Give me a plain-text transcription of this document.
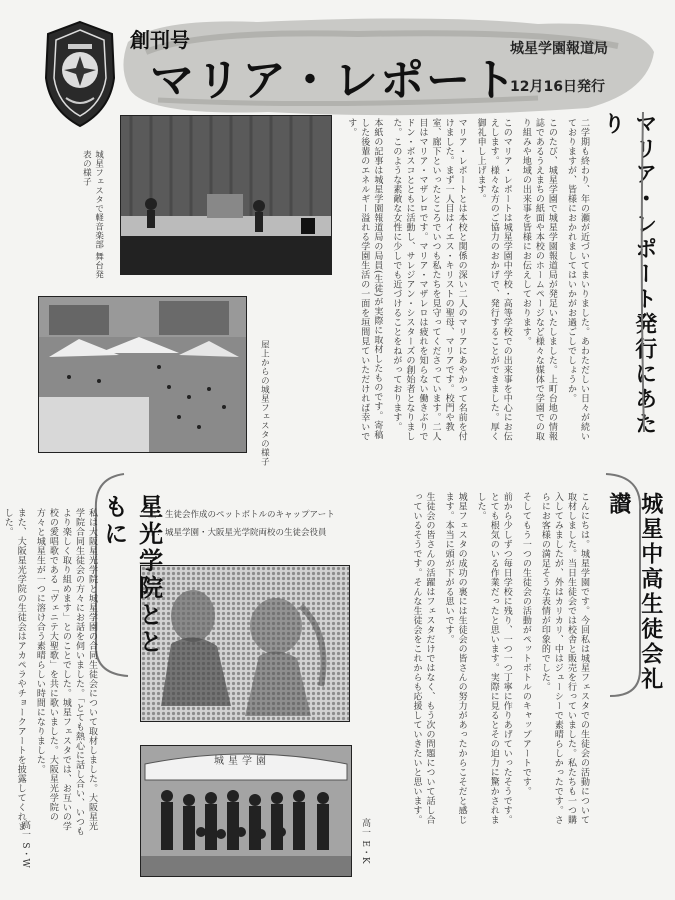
創刊号
マリア・レポート
城星学園報道局
12月16日発行
城星フェスタで軽音楽部 舞台発表の様子
屋上からの城星フェスタの様子	マリア・レポート発行にあたり

二学期も終わり、年の瀬が近づいてまいりました。あわただしい日々が続いておりますが、皆様におかれましてはいかがお過ごしでしょうか。

このたび、城星学園で城星学園報道局が発足いたしました。上町台地の情報誌であるうえまちの紙面や本校のホームページなど様々な媒体で学園での取り組みや地域の出来事を皆様にお伝えしております。

このマリア・レポートは城星学園中学校・高等学校での出来事を中心にお伝えします。様々な方のご協力のおかげで、発行することができました。厚く御礼申し上げます。

マリア・レポートとは本校と関係の深い二人のマリアにあやかって名前を付けました。まず一人目はイエス・キリストの聖母、マリアです。校門や教室、廊下といったところでいつも私たちを見守ってくださっています。二人目はマリア・マザレロです。マリア・マザレロは疲れを知らない働きぶりでドン・ボスコとともに活動し、サレジアン・シスターズの創始者となりました。このような素敵な女性に少しでも近づけることをねがっております。

本紙の記事は城星学園報道局の局員(生徒)が実際に取材したものです。寄稿した後輩のエネルギー溢れる学園生活の一面を垣間見ていただければ幸いです。

城星中高生徒会礼讃

こんにちは。城星学園です。今回私は城星フェスタでの生徒会の活動について取材しました。当日生徒会では校舎と販売を行っていました。私たちも一つ購入してみましたが、外はカリカリ、中はジューシーで素晴らしかったです。さらにお客様の満足そうな表情が印象的でした。

そしてもう一つの生徒会の活動がペットボトルのキャップアートです。

前から少しずつ毎日学校に残り、一つ一つ丁寧に作りあげていったそうです。とても根気のいる作業だったと思います。実際に見るとその迫力に驚かされました。

城星フェスタの成功の裏には生徒会の皆さんの努力があったからこそだと感じます。本当に頭が下がる思いです。

生徒会の皆さんの活躍はフェスタだけではなく、もう次の問題について話し合っているそうです。そんな生徒会をこれからも応援していきたいと思います。

高一 E・K
上：生徒会作成のペットボトルのキャップアート
下：城星学園・大阪星光学院両校の生徒会役員
城星学園
星光学院とともに

私は大阪星光学院と城星学園の合同生徒会について取材しました。大阪星光学院合同生徒会の方々にお話を伺いました。「とても熱心に話し合い、いつもより楽しく取り組めます」とのことでした。城星フェスタでは、お互いの学校の愛唱歌である「ヴェニテ大聖歌」を共に歌いました。大阪星光学院の方々と城星生が一つに溶け合う素晴らしい時間になりました。

また、大阪星光学院の生徒会はアカペラやチョークアートを披露してくれました。

高一 S・W
